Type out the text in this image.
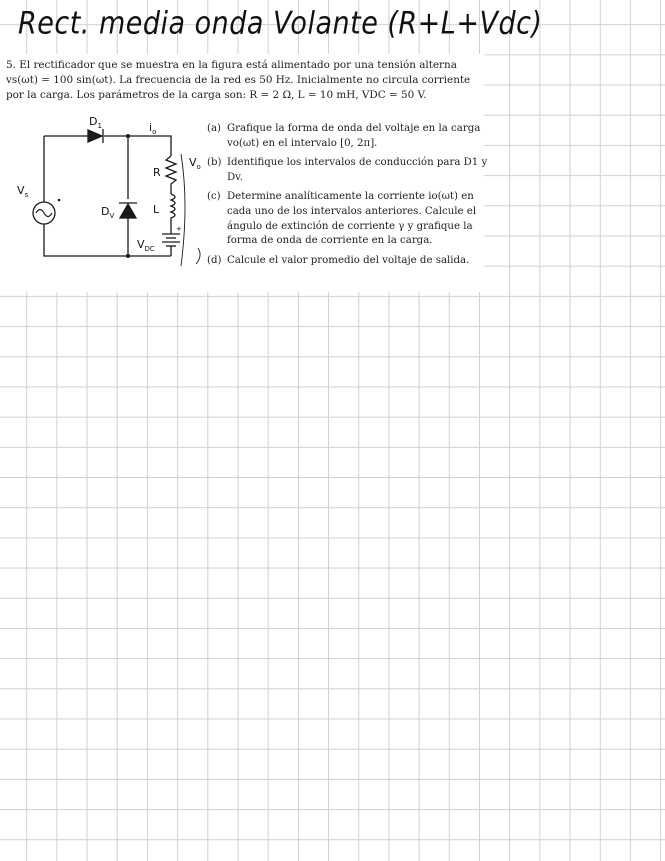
Rect. media onda Volante (R+L+Vdc)
5. El rectificador que se muestra en la figura está alimentado por una tensión alterna
vs(ωt) = 100 sin(ωt). La frecuencia de la red es 50 Hz. Inicialmente no circula corriente
por la carga. Los parámetros de la carga son: R = 2 Ω, L = 10 mH, VDC = 50 V.
$D_1$	$i_o$
$V_s$
$D_V$
R
L
$V_o$
$V_{DC}$
+
(a) Grafique la forma de onda del voltaje en la carga
vo(ωt) en el intervalo [0, 2π].
(b) Identifique los intervalos de conducción para D1 y
Dv.
(c) Determine analíticamente la corriente io(ωt) en
cada uno de los intervalos anteriores. Calcule el
ángulo de extinción de corriente γ y grafique la
forma de onda de corriente en la carga.
(d) Calcule el valor promedio del voltaje de salida.
